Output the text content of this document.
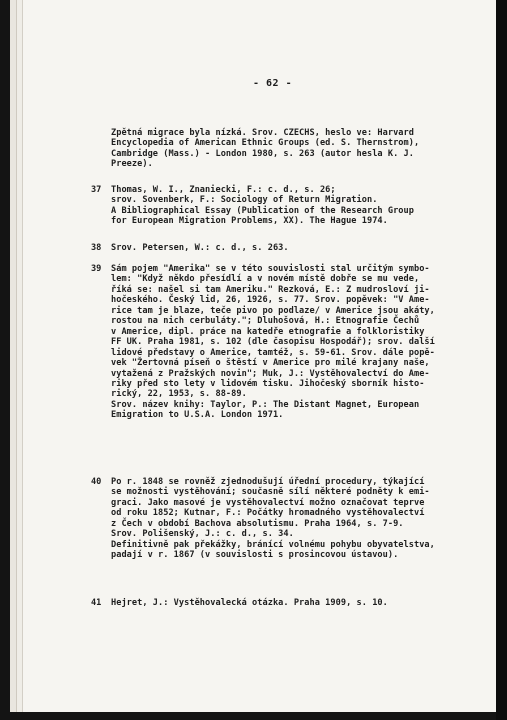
- 62 -
Zpětná migrace byla nízká. Srov. CZECHS, heslo ve: Harvard
Encyclopedia of American Ethnic Groups (ed. S. Thernstrom),
Cambridge (Mass.) - London 1980, s. 263 (autor hesla K. J.
Preeze).
37 Thomas, W. I., Znaniecki, F.: c. d., s. 26;
srov. Sovenberk, F.: Sociology of Return Migration.
A Bibliographical Essay (Publication of the Research Group
for European Migration Problems, XX). The Hague 1974.
38 Srov. Petersen, W.: c. d., s. 263.
39 Sám pojem "Amerika" se v této souvislosti stal určitým symbo-
lem: "Když někdo přesídlí a v novém místě dobře se mu vede,
říká se: našel si tam Ameriku." Rezková, E.: Z mudrosloví ji-
hočeského. Český lid, 26, 1926, s. 77. Srov. popěvek: "V Ame-
rice tam je blaze, teče pivo po podlaze/ v Americe jsou akáty,
rostou na nich cerbuláty."; Dluhošová, H.: Etnografie Čechů
v Americe, dipl. práce na katedře etnografie a folkloristiky
FF UK. Praha 1981, s. 102 (dle časopisu Hospodář); srov. další
lidové představy o Americe, tamtéž, s. 59-61. Srov. dále popě-
vek "Žertovná píseň o štěstí v Americe pro milé krajany naše,
vytažená z Pražských novin"; Muk, J.: Vystěhovalectví do Ame-
riky před sto lety v lidovém tisku. Jihočeský sborník histo-
rický, 22, 1953, s. 88-89.
Srov. název knihy: Taylor, P.: The Distant Magnet, European
Emigration to U.S.A. London 1971.
40 Po r. 1848 se rovněž zjednodušují úřední procedury, týkající
se možnosti vystěhování; současně sílí některé podněty k emi-
graci. Jako masové je vystěhovalectví možno označovat teprve
od roku 1852; Kutnar, F.: Počátky hromadného vystěhovalectví
z Čech v období Bachova absolutismu. Praha 1964, s. 7-9.
Srov. Polišenský, J.: c. d., s. 34.
Definitivně pak překážky, bránící volnému pohybu obyvatelstva,
padají v r. 1867 (v souvislosti s prosincovou ústavou).
41 Hejret, J.: Vystěhovalecká otázka. Praha 1909, s. 10.
